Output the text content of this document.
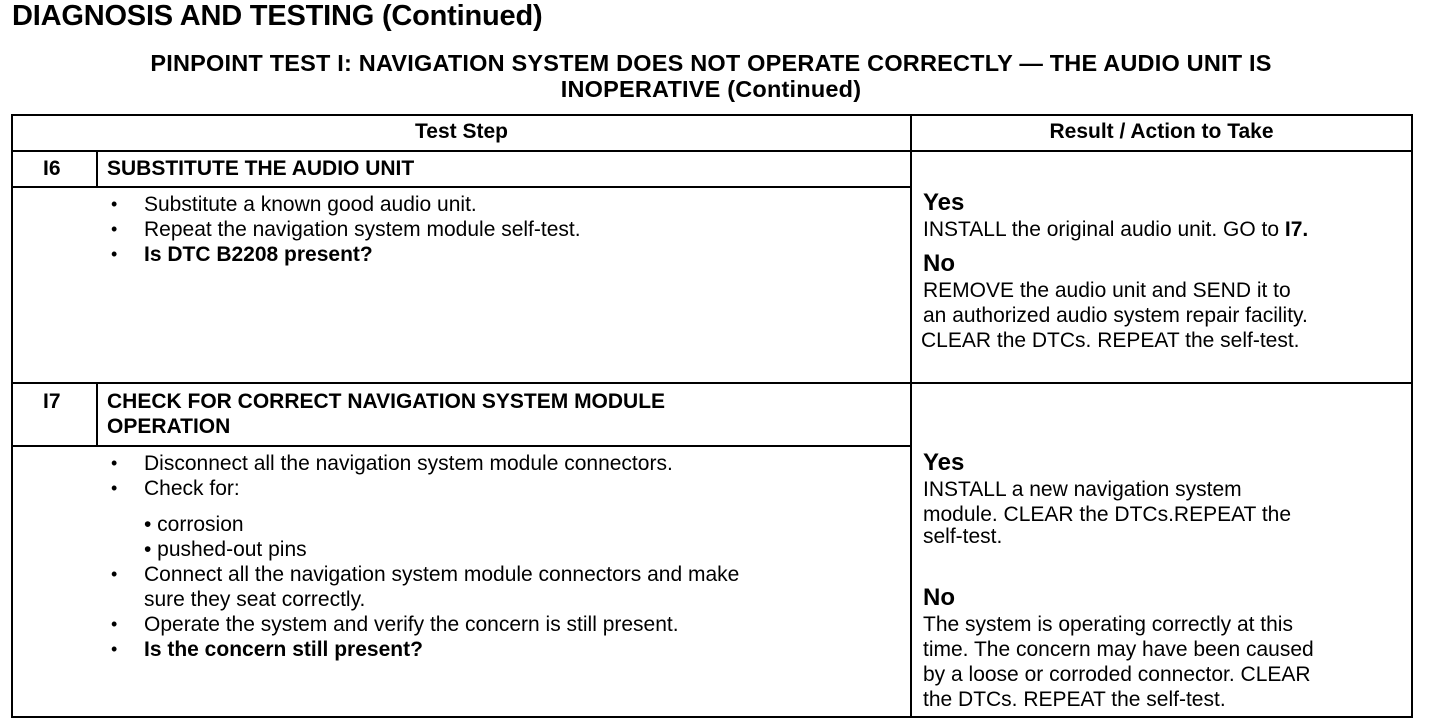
DIAGNOSIS AND TESTING (Continued)
PINPOINT TEST I: NAVIGATION SYSTEM DOES NOT OPERATE CORRECTLY — THE AUDIO UNIT IS
INOPERATIVE (Continued)
Test Step	Result / Action to Take
I6 SUBSTITUTE THE AUDIO UNIT
• Substitute a known good audio unit.
• Repeat the navigation system module self-test.
• Is DTC B2208 present?
Yes
INSTALL the original audio unit. GO to I7.
No
REMOVE the audio unit and SEND it to
an authorized audio system repair facility.
CLEAR the DTCs. REPEAT the self-test.
I7 CHECK FOR CORRECT NAVIGATION SYSTEM MODULE
OPERATION
• Disconnect all the navigation system module connectors.
• Check for:
• corrosion
• pushed-out pins
• Connect all the navigation system module connectors and make
sure they seat correctly.
• Operate the system and verify the concern is still present.
• Is the concern still present?
Yes
INSTALL a new navigation system
module. CLEAR the DTCs.REPEAT the
self-test.
No
The system is operating correctly at this
time. The concern may have been caused
by a loose or corroded connector. CLEAR
the DTCs. REPEAT the self-test.
